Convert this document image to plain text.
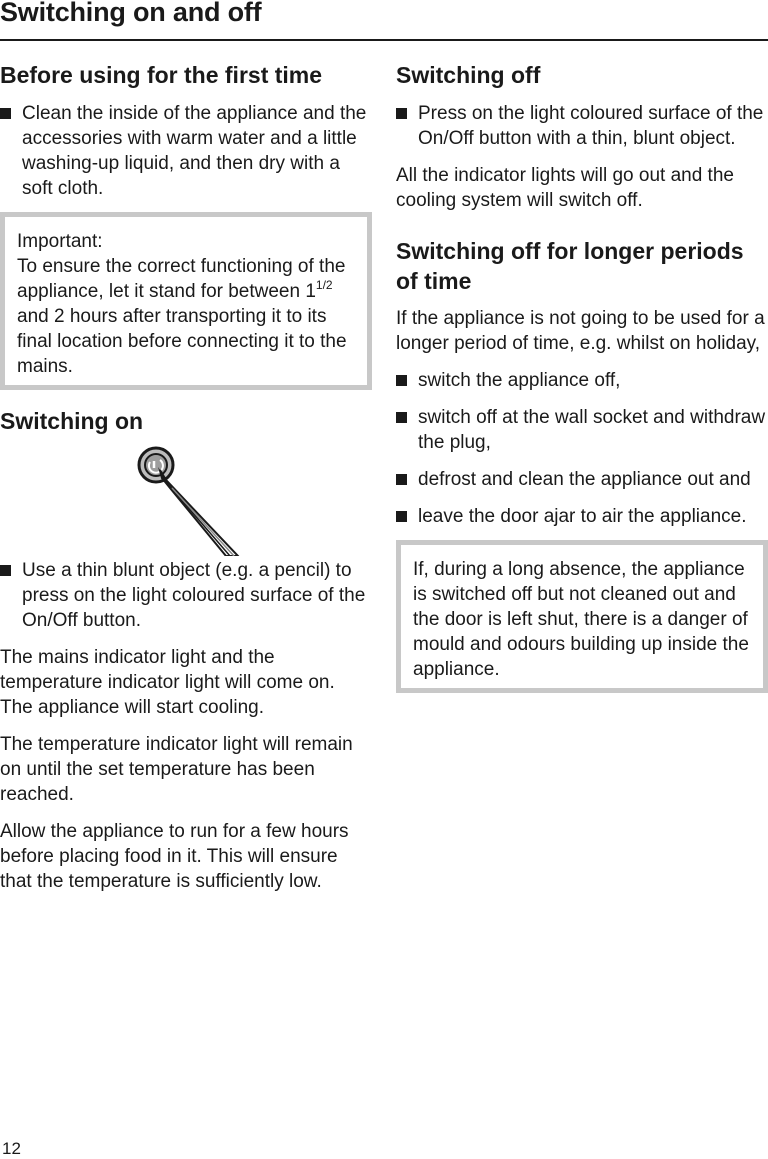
Switching on and off
Before using for the first time

Clean the inside of the appliance and the accessories with warm water and a little washing-up liquid, and then dry with a soft cloth.

Important:

To ensure the correct functioning of the appliance, let it stand for between $1^{1/2}$ and 2 hours after transporting it to its final location before connecting it to the mains.

Switching on

Use a thin blunt object (e.g. a pencil) to press on the light coloured surface of the On/Off button.

The mains indicator light and the temperature indicator light will come on.

The appliance will start cooling.

The temperature indicator light will remain on until the set temperature has been reached.

Allow the appliance to run for a few hours before placing food in it. This will ensure that the temperature is sufficiently low.

Switching off

Press on the light coloured surface of the On/Off button with a thin, blunt object.

All the indicator lights will go out and the cooling system will switch off.

Switching off for longer periods of time

If the appliance is not going to be used for a longer period of time, e.g. whilst on holiday,

switch the appliance off,

switch off at the wall socket and withdraw the plug,

defrost and clean the appliance out and

leave the door ajar to air the appliance.

If, during a long absence, the appliance is switched off but not cleaned out and the door is left shut, there is a danger of mould and odours building up inside the appliance.

12
